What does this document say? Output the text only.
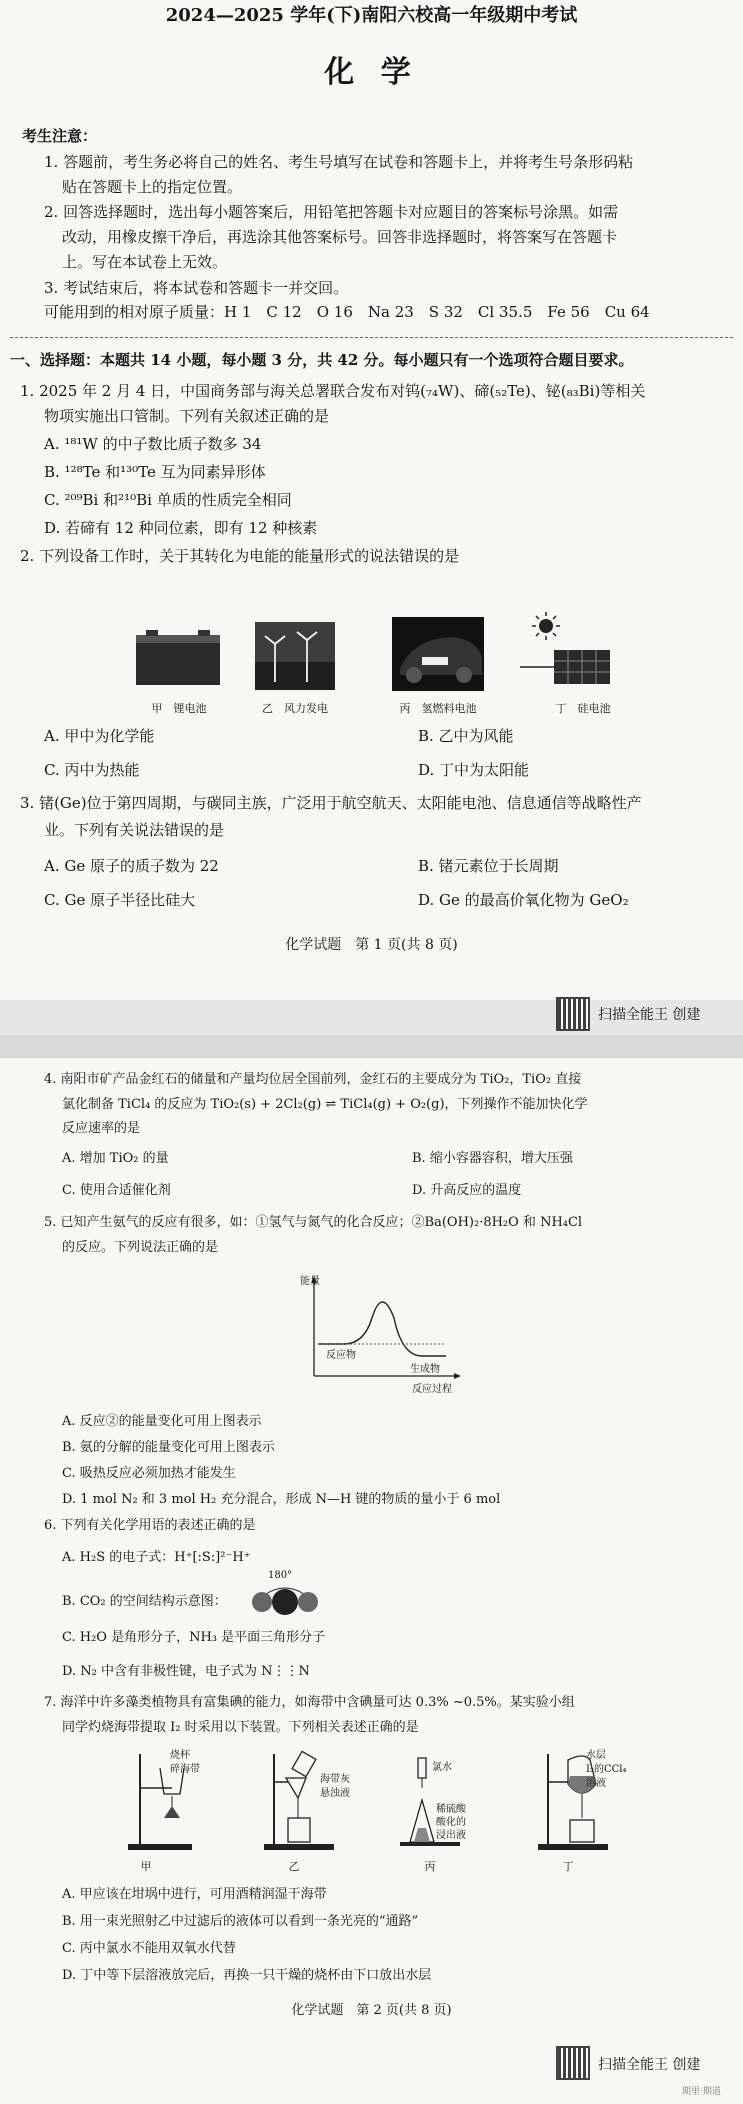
2024—2025 学年(下)南阳六校高一年级期中考试
化 学
考生注意：
1. 答题前，考生务必将自己的姓名、考生号填写在试卷和答题卡上，并将考生号条形码粘
贴在答题卡上的指定位置。
2. 回答选择题时，选出每小题答案后，用铅笔把答题卡对应题目的答案标号涂黑。如需
改动，用橡皮擦干净后，再选涂其他答案标号。回答非选择题时，将答案写在答题卡
上。写在本试卷上无效。
3. 考试结束后，将本试卷和答题卡一并交回。
可能用到的相对原子质量：H 1　C 12　O 16　Na 23　S 32　Cl 35.5　Fe 56　Cu 64
一、选择题：本题共 14 小题，每小题 3 分，共 42 分。每小题只有一个选项符合题目要求。
1. 2025 年 2 月 4 日，中国商务部与海关总署联合发布对钨(₇₄W)、碲(₅₂Te)、铋(₈₃Bi)等相关
物项实施出口管制。下列有关叙述正确的是
A. ¹⁸¹W 的中子数比质子数多 34
B. ¹²⁸Te 和¹³⁰Te 互为同素异形体
C. ²⁰⁹Bi 和²¹⁰Bi 单质的性质完全相同
D. 若碲有 12 种同位素，即有 12 种核素
2. 下列设备工作时，关于其转化为电能的能量形式的说法错误的是
甲　锂电池	乙　风力发电	丙　氢燃料电池	丁　硅电池
A. 甲中为化学能	B. 乙中为风能
C. 丙中为热能	D. 丁中为太阳能
3. 锗(Ge)位于第四周期，与碳同主族，广泛用于航空航天、太阳能电池、信息通信等战略性产
业。下列有关说法错误的是
A. Ge 原子的质子数为 22	B. 锗元素位于长周期
C. Ge 原子半径比硅大	D. Ge 的最高价氧化物为 GeO₂
化学试题　第 1 页(共 8 页)
扫描全能王 创建
4. 南阳市矿产品金红石的储量和产量均位居全国前列，金红石的主要成分为 TiO₂，TiO₂ 直接
氯化制备 TiCl₄ 的反应为 TiO₂(s) + 2Cl₂(g) ⇌ TiCl₄(g) + O₂(g)，下列操作不能加快化学
反应速率的是
A. 增加 TiO₂ 的量	B. 缩小容器容积，增大压强
C. 使用合适催化剂	D. 升高反应的温度
5. 已知产生氨气的反应有很多，如：①氢气与氮气的化合反应；②Ba(OH)₂·8H₂O 和 NH₄Cl
的反应。下列说法正确的是
能量
反应物
生成物
反应过程
A. 反应②的能量变化可用上图表示
B. 氨的分解的能量变化可用上图表示
C. 吸热反应必须加热才能发生
D. 1 mol N₂ 和 3 mol H₂ 充分混合，形成 N—H 键的物质的量小于 6 mol
6. 下列有关化学用语的表述正确的是
A. H₂S 的电子式：H⁺[:S:]²⁻H⁺
B. CO₂ 的空间结构示意图：
180°
C. H₂O 是角形分子，NH₃ 是平面三角形分子
D. N₂ 中含有非极性键，电子式为 N⋮⋮N
7. 海洋中许多藻类植物具有富集碘的能力，如海带中含碘量可达 0.3% ~0.5%。某实验小组
同学灼烧海带提取 I₂ 时采用以下装置。下列相关表述正确的是
烧杯
碎海带
海带灰
悬浊液
氯水
稀硫酸
酸化的
浸出液
水层
I₂的CCl₄
溶液
甲	乙	丙	丁
A. 甲应该在坩埚中进行，可用酒精润湿干海带
B. 用一束光照射乙中过滤后的液体可以看到一条光亮的“通路”
C. 丙中氯水不能用双氧水代替
D. 丁中等下层溶液放完后，再换一只干燥的烧杯由下口放出水层
化学试题　第 2 页(共 8 页)
扫描全能王 创建
期里·期道
